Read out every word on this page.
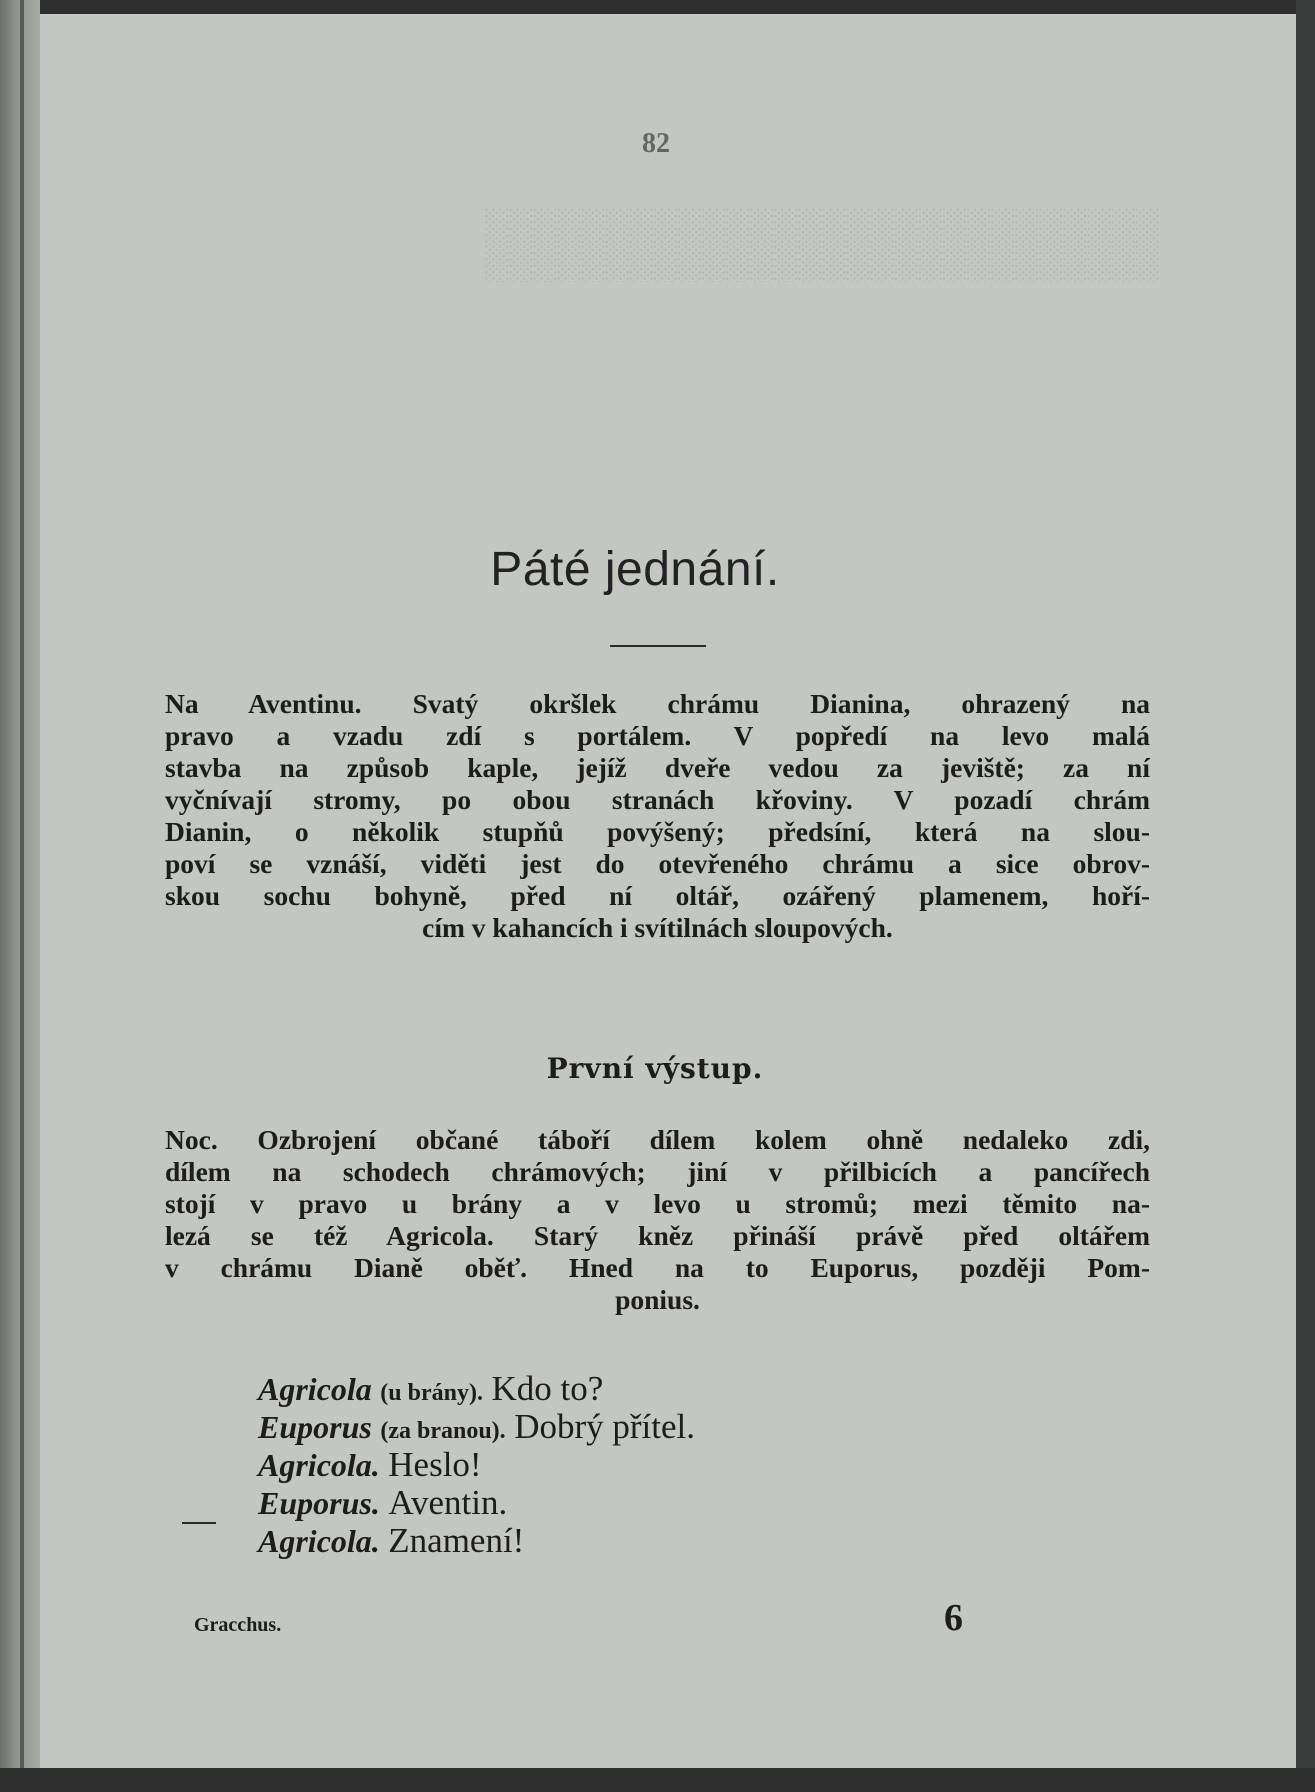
░░░░░░░░░░░░░░░░░░░░░░░░░░░░
░░░░░░░░░░░░░░░░░░░░░░░░░░░░
82
Páté jednání.
Na Aventinu. Svatý okršlek chrámu Dianina, ohrazený na
pravo a vzadu zdí s portálem. V popředí na levo malá
stavba na způsob kaple, jejíž dveře vedou za jeviště; za ní
vyčnívají stromy, po obou stranách křoviny. V pozadí chrám
Dianin, o několik stupňů povýšený; předsíní, která na slou-
poví se vznáší, viděti jest do otevřeného chrámu a sice obrov-
skou sochu bohyně, před ní oltář, ozářený plamenem, hoří-
cím v kahancích i svítilnách sloupových.
První výstup.
Noc. Ozbrojení občané táboří dílem kolem ohně nedaleko zdi,
dílem na schodech chrámových; jiní v přilbicích a pancířech
stojí v pravo u brány a v levo u stromů; mezi těmito na-
lezá se též Agricola. Starý kněz přináší právě před oltářem
v chrámu Dianě oběť. Hned na to Euporus, později Pom-
ponius.
Agricola (u brány). Kdo to?
Euporus (za branou). Dobrý přítel.
Agricola. Heslo!
Euporus. Aventin.
Agricola. Znamení!
Gracchus.	6
